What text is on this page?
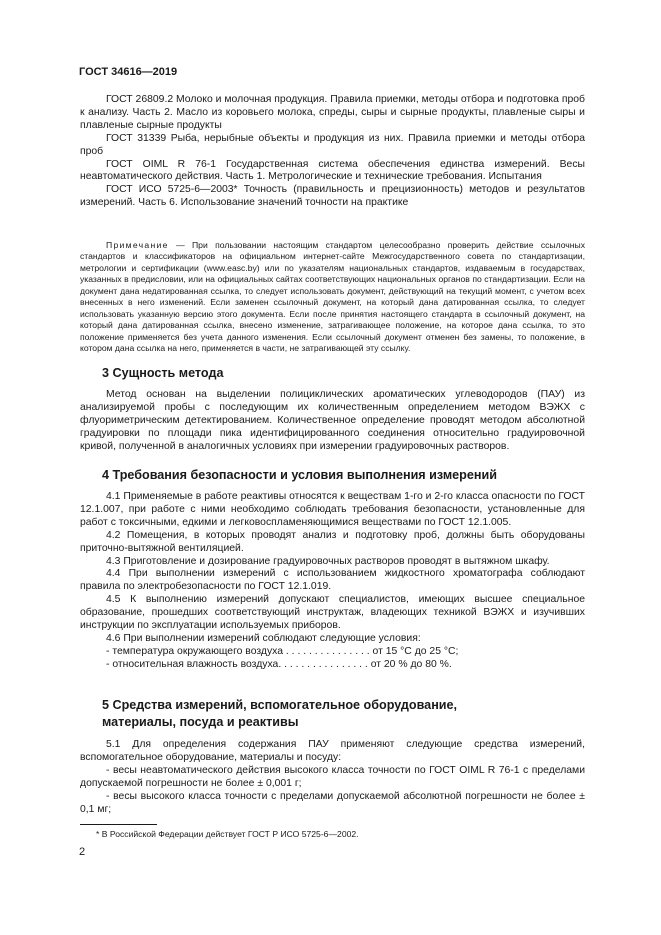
ГОСТ 34616—2019

ГОСТ 26809.2 Молоко и молочная продукция. Правила приемки, методы отбора и подготовка проб к анализу. Часть 2. Масло из коровьего молока, спреды, сыры и сырные продукты, плавленые сыры и плавленые сырные продукты

ГОСТ 31339 Рыба, нерыбные объекты и продукция из них. Правила приемки и методы отбора проб

ГОСТ OIML R 76-1 Государственная система обеспечения единства измерений. Весы неавтоматического действия. Часть 1. Метрологические и технические требования. Испытания

ГОСТ ИСО 5725-6—2003* Точность (правильность и прецизионность) методов и результатов измерений. Часть 6. Использование значений точности на практике

Примечание — При пользовании настоящим стандартом целесообразно проверить действие ссылочных стандартов и классификаторов на официальном интернет-сайте Межгосударственного совета по стандартизации, метрологии и сертификации (www.easc.by) или по указателям национальных стандартов, издаваемым в государствах, указанных в предисловии, или на официальных сайтах соответствующих национальных органов по стандартизации. Если на документ дана недатированная ссылка, то следует использовать документ, действующий на текущий момент, с учетом всех внесенных в него изменений. Если заменен ссылочный документ, на который дана датированная ссылка, то следует использовать указанную версию этого документа. Если после принятия настоящего стандарта в ссылочный документ, на который дана датированная ссылка, внесено изменение, затрагивающее положение, на которое дана ссылка, то это положение применяется без учета данного изменения. Если ссылочный документ отменен без замены, то положение, в котором дана ссылка на него, применяется в части, не затрагивающей эту ссылку.
3 Сущность метода

Метод основан на выделении полициклических ароматических углеводородов (ПАУ) из анализируемой пробы с последующим их количественным определением методом ВЭЖХ с флуориметрическим детектированием. Количественное определение проводят методом абсолютной градуировки по площади пика идентифицированного соединения относительно градуировочной кривой, полученной в аналогичных условиях при измерении градуировочных растворов.

4 Требования безопасности и условия выполнения измерений

4.1 Применяемые в работе реактивы относятся к веществам 1-го и 2-го класса опасности по ГОСТ 12.1.007, при работе с ними необходимо соблюдать требования безопасности, установленные для работ с токсичными, едкими и легковоспламеняющимися веществами по ГОСТ 12.1.005.

4.2 Помещения, в которых проводят анализ и подготовку проб, должны быть оборудованы приточно-вытяжной вентиляцией.

4.3 Приготовление и дозирование градуировочных растворов проводят в вытяжном шкафу.

4.4 При выполнении измерений с использованием жидкостного хроматографа соблюдают правила по электробезопасности по ГОСТ 12.1.019.

4.5 К выполнению измерений допускают специалистов, имеющих высшее специальное образование, прошедших соответствующий инструктаж, владеющих техникой ВЭЖХ и изучивших инструкции по эксплуатации используемых приборов.

4.6 При выполнении измерений соблюдают следующие условия:

- температура окружающего воздуха . . . . . . . . . . . . . . . от 15 °С до 25 °С;

- относительная влажность воздуха. . . . . . . . . . . . . . . . от 20 % до 80 %.

5 Средства измерений, вспомогательное оборудование,
материалы, посуда и реактивы

5.1 Для определения содержания ПАУ применяют следующие средства измерений, вспомогательное оборудование, материалы и посуду:

- весы неавтоматического действия высокого класса точности по ГОСТ OIML R 76-1 с пределами допускаемой погрешности не более ± 0,001 г;

- весы высокого класса точности с пределами допускаемой абсолютной погрешности не более ± 0,1 мг;

* В Российской Федерации действует ГОСТ Р ИСО 5725-6—2002.
2
